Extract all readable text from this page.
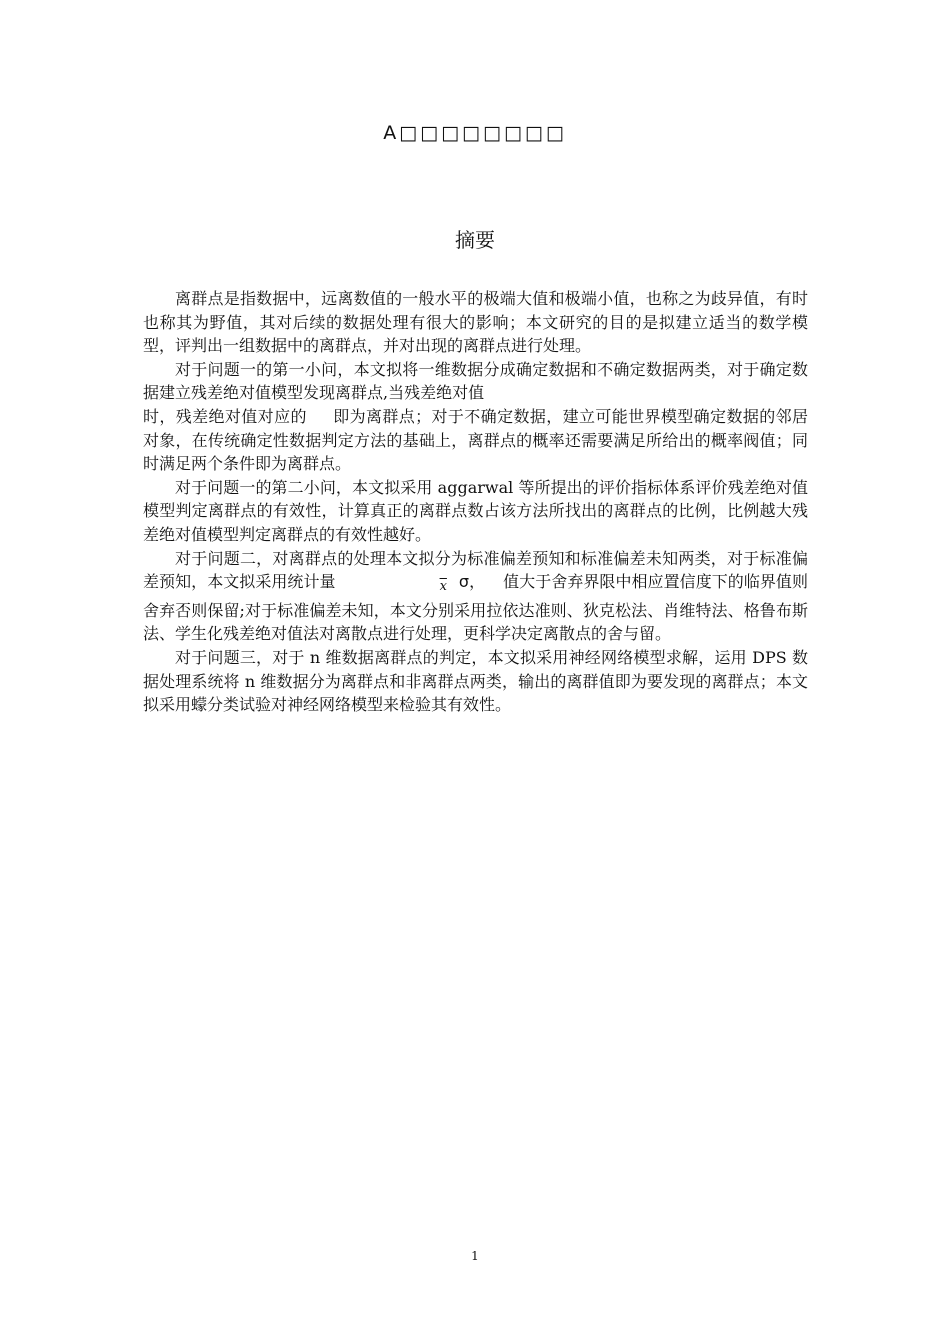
A□□□□□□□□
摘要

离群点是指数据中，远离数值的一般水平的极端大值和极端小值，也称之为歧异值，有时也称其为野值，其对后续的数据处理有很大的影响；本文研究的目的是拟建立适当的数学模型，评判出一组数据中的离群点，并对出现的离群点进行处理。

对于问题一的第一小问，本文拟将一维数据分成确定数据和不确定数据两类，对于确定数据建立残差绝对值模型发现离群点,当残差绝对值
时，残差绝对值对应的 即为离群点；对于不确定数据，建立可能世界模型确定数据的邻居对象，在传统确定性数据判定方法的基础上，离群点的概率还需要满足所给出的概率阀值；同时满足两个条件即为离群点。

对于问题一的第二小问，本文拟采用 aggarwal 等所提出的评价指标体系评价残差绝对值模型判定离群点的有效性，计算真正的离群点数占该方法所找出的离群点的比例，比例越大残差绝对值模型判定离群点的有效性越好。

对于问题二，对离群点的处理本文拟分为标准偏差预知和标准偏差未知两类，对于标准偏差预知，本文拟采用统计量	$\overline{x}$ σ， 值大于舍弃界限中相应置信度下的临界值则舍弃否则保留;对于标准偏差未知，本文分别采用拉依达准则、狄克松法、肖维特法、格鲁布斯法、学生化残差绝对值法对离散点进行处理，更科学决定离散点的舍与留。

对于问题三，对于 n 维数据离群点的判定，本文拟采用神经网络模型求解，运用 DPS 数据处理系统将 n 维数据分为离群点和非离群点两类，输出的离群值即为要发现的离群点；本文拟采用蠓分类试验对神经网络模型来检验其有效性。

1
